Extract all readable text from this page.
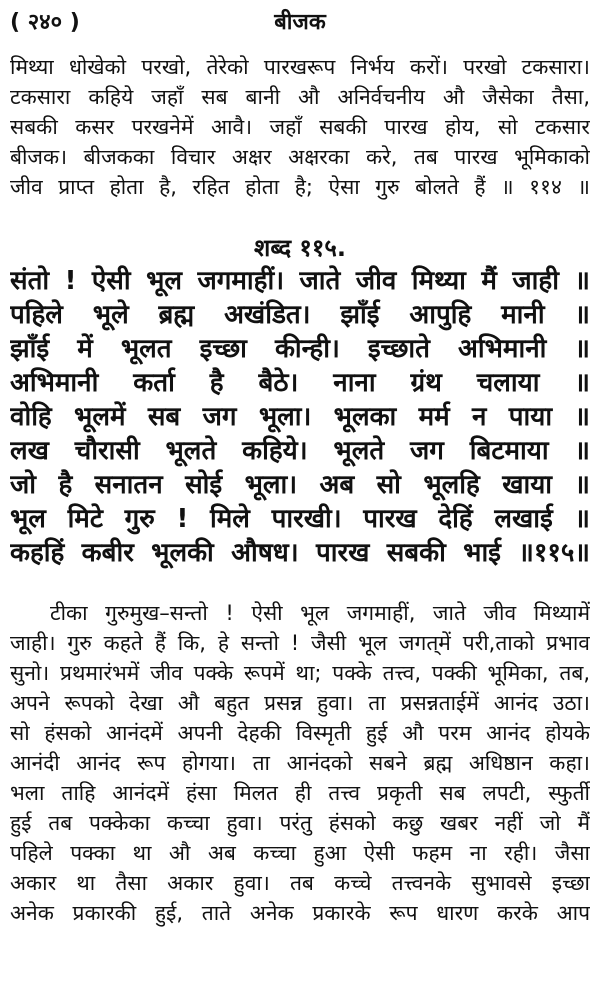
( २४० )	बीजक
मिथ्या धोखेको परखो, तेरेको पारखरूप निर्भय करों। परखो टकसारा।
टकसारा कहिये जहाँ सब बानी औ अनिर्वचनीय औ जैसेका तैसा,
सबकी कसर परखनेमें आवै। जहाँ सबकी पारख होय, सो टकसार
बीजक। बीजकका विचार अक्षर अक्षरका करे, तब पारख भूमिकाको
जीव प्राप्त होता है, रहित होता है; ऐसा गुरु बोलते हैं ॥ ११४ ॥
शब्द ११५.
संतो ! ऐसी भूल जगमाहीं। जाते जीव मिथ्या मैं जाही ॥
पहिले भूले ब्रह्म अखंडित। झाँई आपुहि मानी ॥
झाँई में भूलत इच्छा कीन्ही। इच्छाते अभिमानी ॥
अभिमानी कर्ता है बैठे। नाना ग्रंथ चलाया ॥
वोहि भूलमें सब जग भूला। भूलका मर्म न पाया ॥
लख चौरासी भूलते कहिये। भूलते जग बिटमाया ॥
जो है सनातन सोई भूला। अब सो भूलहि खाया ॥
भूल मिटे गुरु ! मिले पारखी। पारख देहिं लखाई ॥
कहहिं कबीर भूलकी औषध। पारख सबकी भाई ॥११५॥
टीका गुरुमुख–सन्तो ! ऐसी भूल जगमाहीं, जाते जीव मिथ्यामें
जाही। गुरु कहते हैं कि, हे सन्तो ! जैसी भूल जगत्‌में परी,ताको प्रभाव
सुनो। प्रथमारंभमें जीव पक्के रूपमें था; पक्के तत्त्व, पक्की भूमिका, तब,
अपने रूपको देखा औ बहुत प्रसन्न हुवा। ता प्रसन्नताईमें आनंद उठा।
सो हंसको आनंदमें अपनी देहकी विस्मृती हुई औ परम आनंद होयके
आनंदी आनंद रूप होगया। ता आनंदको सबने ब्रह्म अधिष्ठान कहा।
भला ताहि आनंदमें हंसा मिलत ही तत्त्व प्रकृती सब लपटी, स्फुर्ती
हुई तब पक्केका कच्चा हुवा। परंतु हंसको कछु खबर नहीं जो मैं
पहिले पक्का था औ अब कच्चा हुआ ऐसी फहम ना रही। जैसा
अकार था तैसा अकार हुवा। तब कच्चे तत्त्वनके सुभावसे इच्छा
अनेक प्रकारकी हुई, ताते अनेक प्रकारके रूप धारण करके आप
